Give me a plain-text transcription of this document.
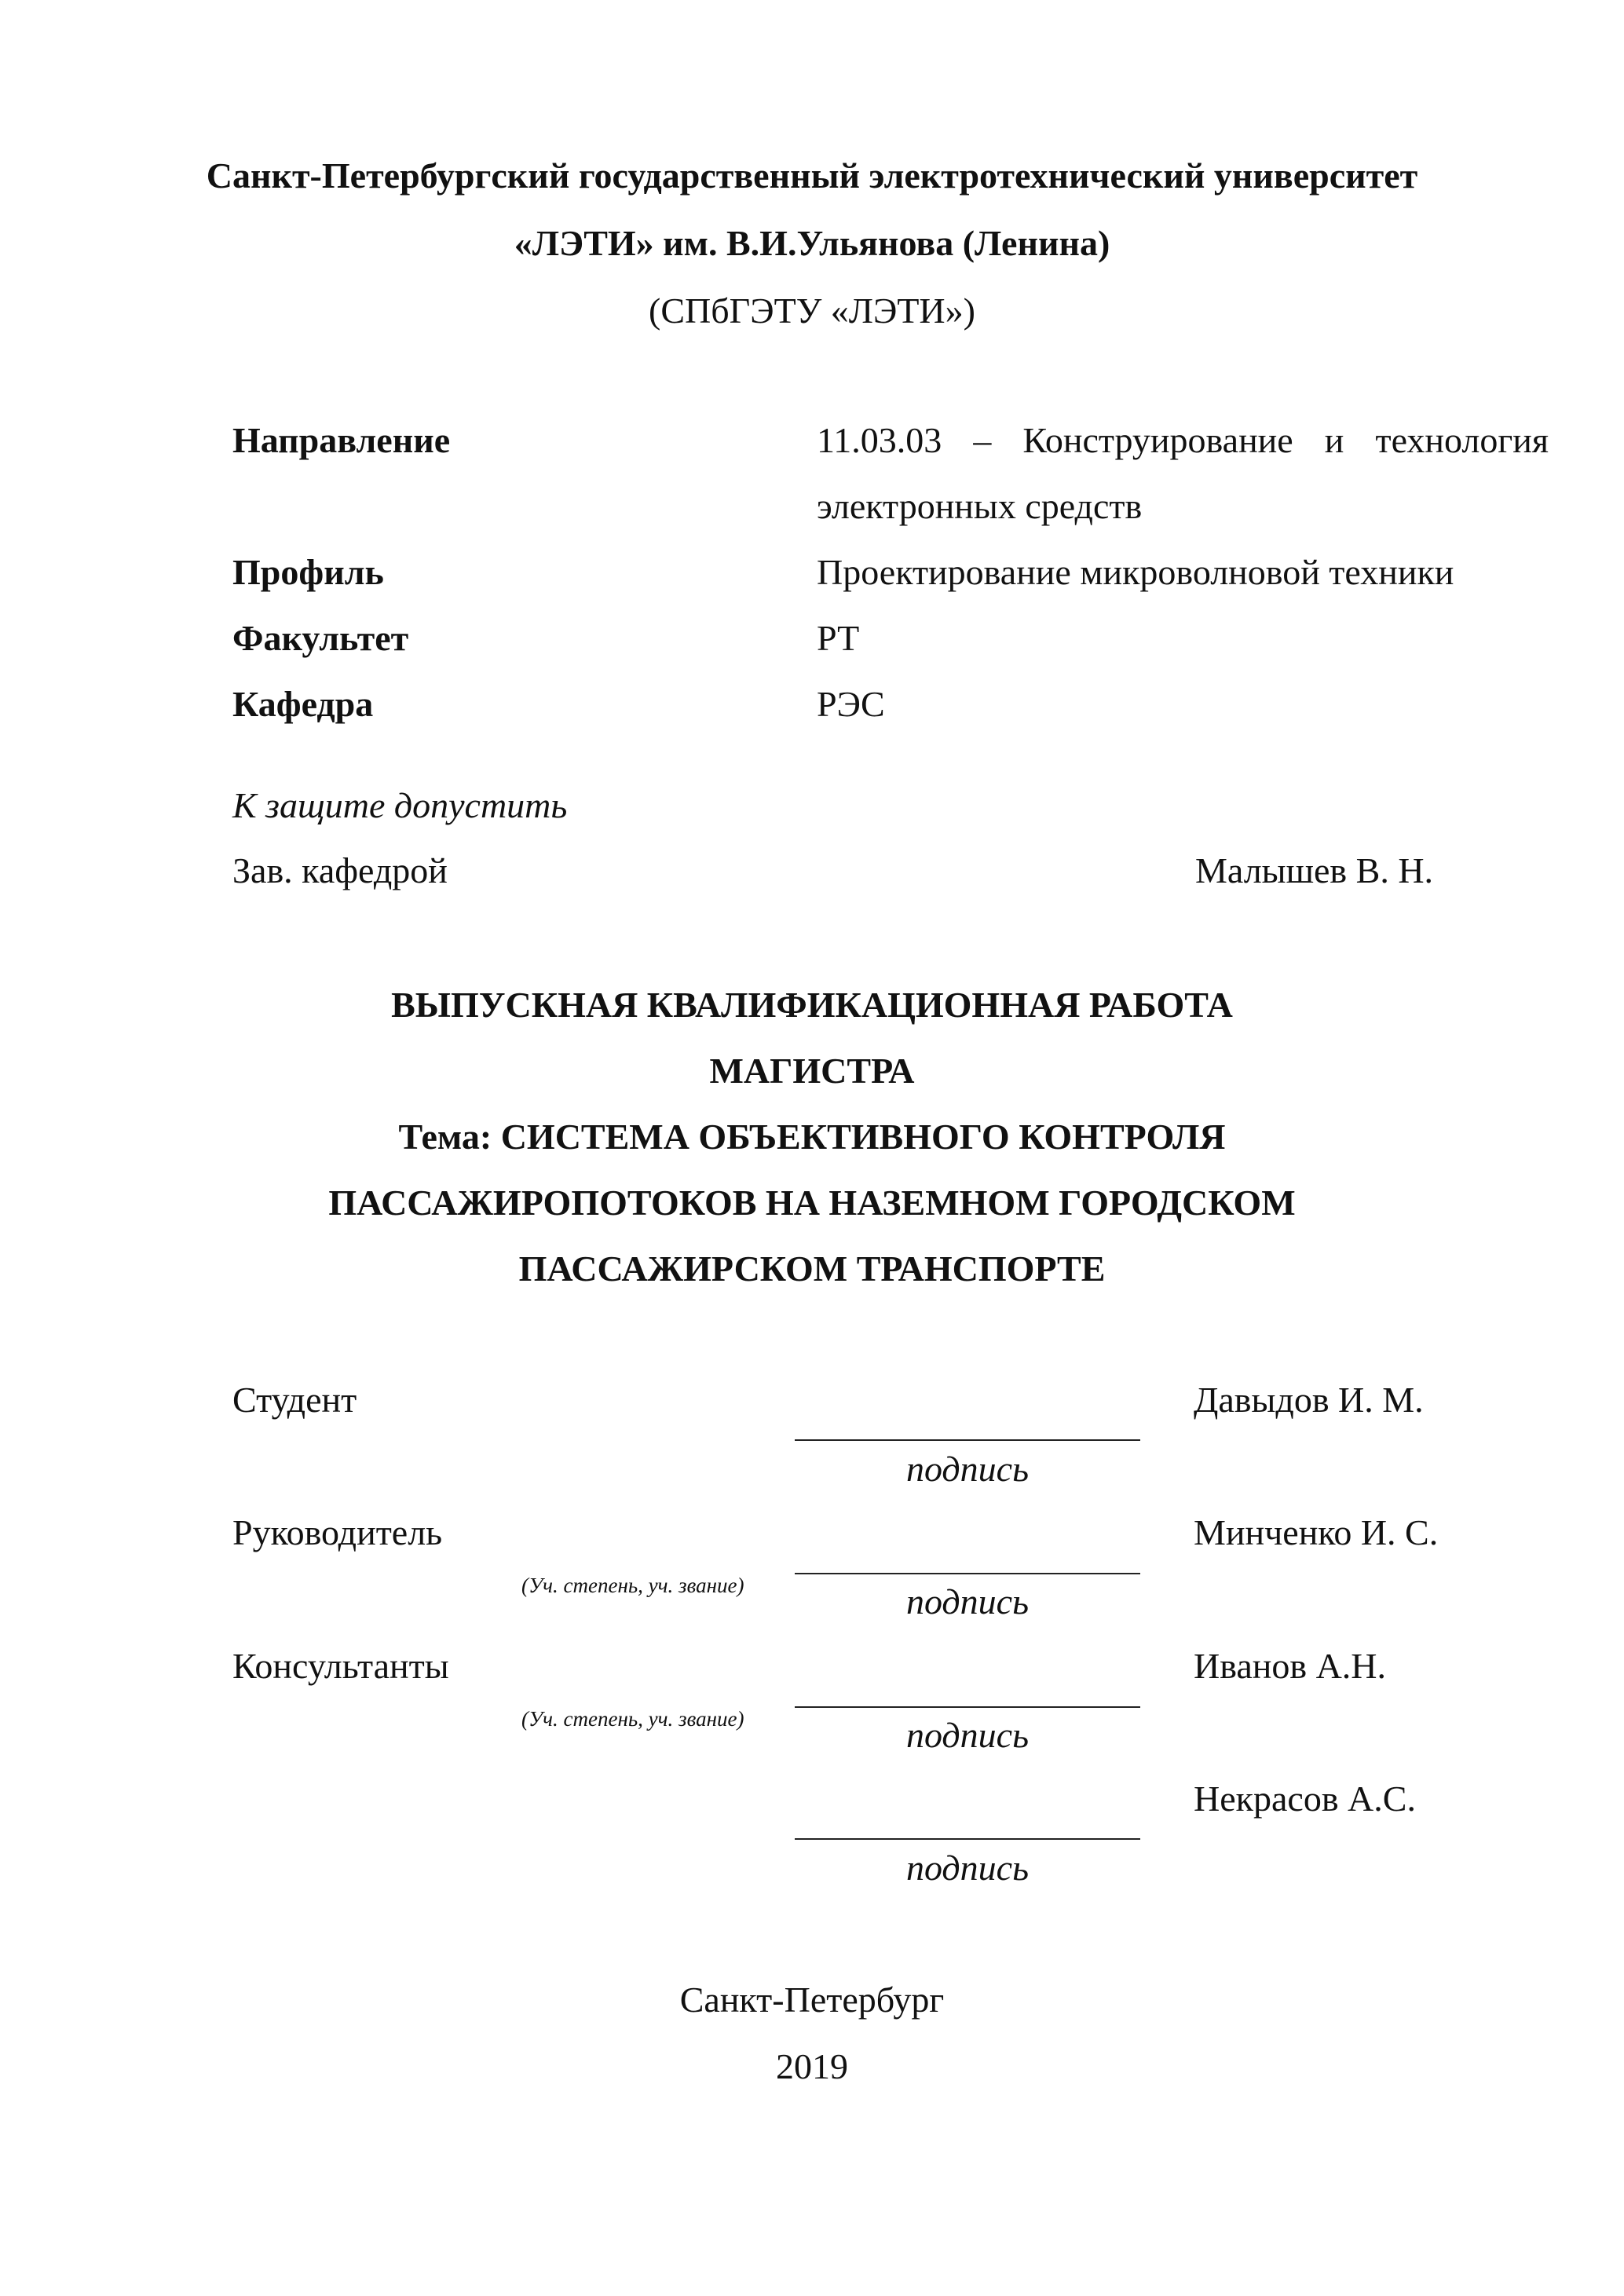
Санкт-Петербургский государственный электротехнический университет
«ЛЭТИ» им. В.И.Ульянова (Ленина)
(СПбГЭТУ «ЛЭТИ»)
Направление	11.03.03 – Конструирование и технология
электронных средств
Профиль	Проектирование микроволновой техники
Факультет	РТ
Кафедра	РЭС
К защите допустить
Зав. кафедрой	Малышев В. Н.
ВЫПУСКНАЯ КВАЛИФИКАЦИОННАЯ РАБОТА
МАГИСТРА
Тема: СИСТЕМА ОБЪЕКТИВНОГО КОНТРОЛЯ
ПАССАЖИРОПОТОКОВ НА НАЗЕМНОМ ГОРОДСКОМ
ПАССАЖИРСКОМ ТРАНСПОРТЕ
Студент	Давыдов И. М.
подпись
Руководитель	Минченко И. С.
(Уч. степень, уч. звание)	подпись
Консультанты	Иванов А.Н.
(Уч. степень, уч. звание)	подпись
Некрасов А.С.
подпись
Санкт-Петербург
2019
